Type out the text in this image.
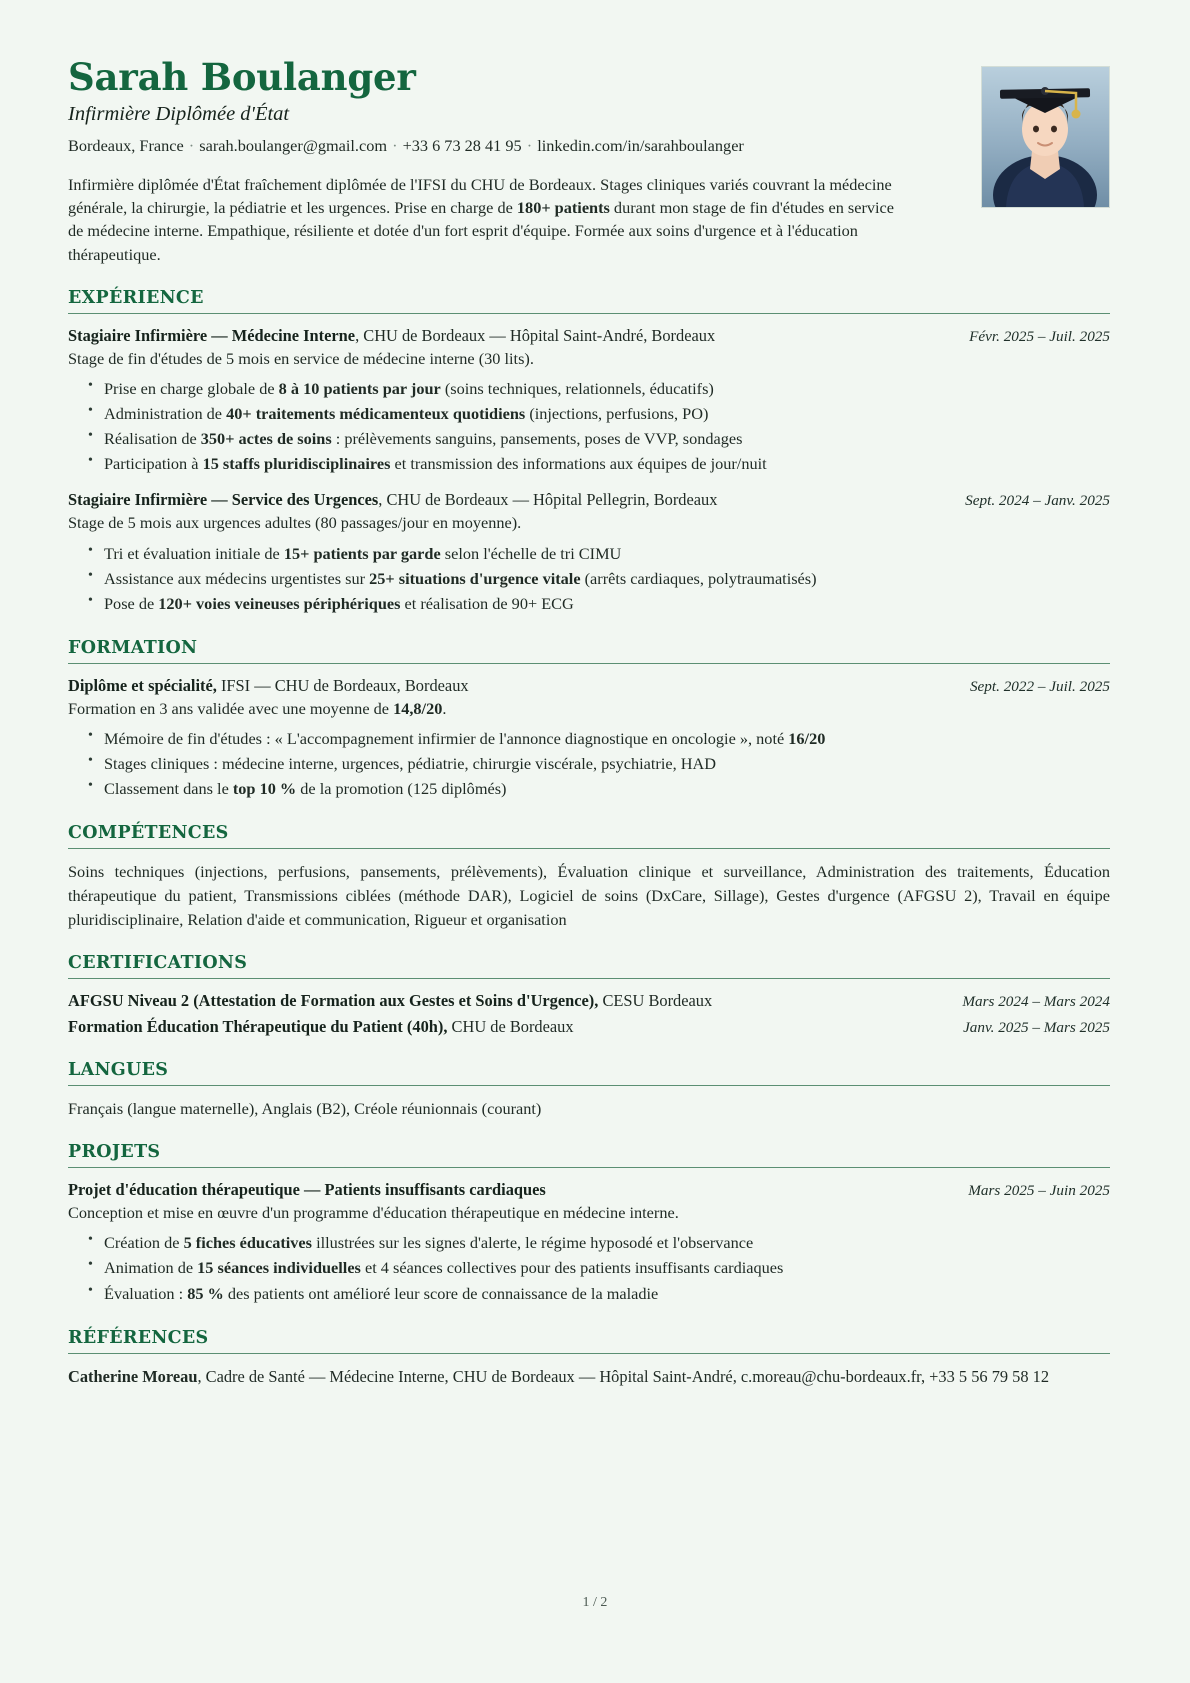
Sarah Boulanger
Infirmière Diplômée d'État
Bordeaux, France · sarah.boulanger@gmail.com · +33 6 73 28 41 95 · linkedin.com/in/sarahboulanger

Infirmière diplômée d'État fraîchement diplômée de l'IFSI du CHU de Bordeaux. Stages cliniques variés couvrant la médecine générale, la chirurgie, la pédiatrie et les urgences. Prise en charge de 180+ patients durant mon stage de fin d'études en service de médecine interne. Empathique, résiliente et dotée d'un fort esprit d'équipe. Formée aux soins d'urgence et à l'éducation thérapeutique.

EXPÉRIENCE
Stagiaire Infirmière — Médecine Interne, CHU de Bordeaux — Hôpital Saint-André, Bordeaux	Févr. 2025 – Juil. 2025
Stage de fin d'études de 5 mois en service de médecine interne (30 lits).
• Prise en charge globale de 8 à 10 patients par jour (soins techniques, relationnels, éducatifs)
• Administration de 40+ traitements médicamenteux quotidiens (injections, perfusions, PO)
• Réalisation de 350+ actes de soins : prélèvements sanguins, pansements, poses de VVP, sondages
• Participation à 15 staffs pluridisciplinaires et transmission des informations aux équipes de jour/nuit
Stagiaire Infirmière — Service des Urgences, CHU de Bordeaux — Hôpital Pellegrin, Bordeaux	Sept. 2024 – Janv. 2025
Stage de 5 mois aux urgences adultes (80 passages/jour en moyenne).
• Tri et évaluation initiale de 15+ patients par garde selon l'échelle de tri CIMU
• Assistance aux médecins urgentistes sur 25+ situations d'urgence vitale (arrêts cardiaques, polytraumatisés)
• Pose de 120+ voies veineuses périphériques et réalisation de 90+ ECG
FORMATION
Diplôme et spécialité, IFSI — CHU de Bordeaux, Bordeaux	Sept. 2022 – Juil. 2025
Formation en 3 ans validée avec une moyenne de 14,8/20.
• Mémoire de fin d'études : « L'accompagnement infirmier de l'annonce diagnostique en oncologie », noté 16/20
• Stages cliniques : médecine interne, urgences, pédiatrie, chirurgie viscérale, psychiatrie, HAD
• Classement dans le top 10 % de la promotion (125 diplômés)
COMPÉTENCES

Soins techniques (injections, perfusions, pansements, prélèvements), Évaluation clinique et surveillance, Administration des traitements, Éducation thérapeutique du patient, Transmissions ciblées (méthode DAR), Logiciel de soins (DxCare, Sillage), Gestes d'urgence (AFGSU 2), Travail en équipe pluridisciplinaire, Relation d'aide et communication, Rigueur et organisation

CERTIFICATIONS
AFGSU Niveau 2 (Attestation de Formation aux Gestes et Soins d'Urgence), CESU Bordeaux	Mars 2024 – Mars 2024
Formation Éducation Thérapeutique du Patient (40h), CHU de Bordeaux	Janv. 2025 – Mars 2025
LANGUES

Français (langue maternelle), Anglais (B2), Créole réunionnais (courant)

PROJETS
Projet d'éducation thérapeutique — Patients insuffisants cardiaques	Mars 2025 – Juin 2025
Conception et mise en œuvre d'un programme d'éducation thérapeutique en médecine interne.
• Création de 5 fiches éducatives illustrées sur les signes d'alerte, le régime hyposodé et l'observance
• Animation de 15 séances individuelles et 4 séances collectives pour des patients insuffisants cardiaques
• Évaluation : 85 % des patients ont amélioré leur score de connaissance de la maladie
RÉFÉRENCES

Catherine Moreau, Cadre de Santé — Médecine Interne, CHU de Bordeaux — Hôpital Saint-André, c.moreau@chu-bordeaux.fr, +33 5 56 79 58 12

1 / 2
